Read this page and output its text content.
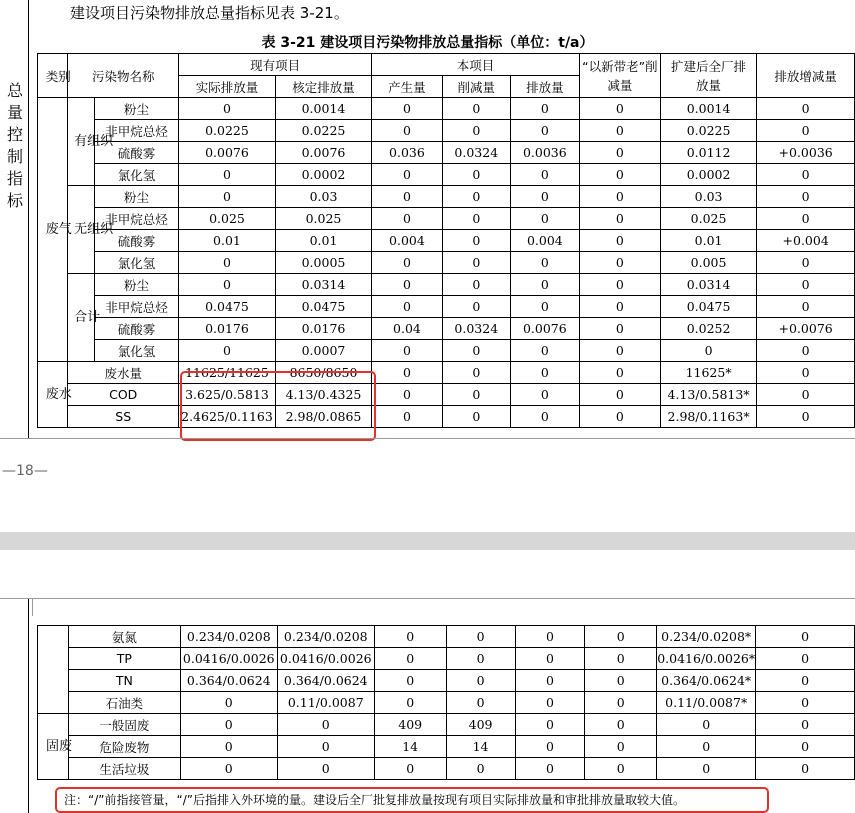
总量控制指标
建设项目污染物排放总量指标见表 3-21。
表 3-21 建设项目污染物排放总量指标（单位：t/a）
类别	污染物名称		现有项目		本项目			“以新带老”削减量	扩建后全厂排放量	排放增减量
			实际排放量	核定排放量	产生量	削减量	排放量			

废气	有组织	粉尘	0	0.0014	0	0	0	0	0.0014	0
		非甲烷总烃	0.0225	0.0225	0	0	0	0	0.0225	0
		硫酸雾	0.0076	0.0076	0.036	0.0324	0.0036	0	0.0112	+0.0036
		氯化氢	0	0.0002	0	0	0	0	0.0002	0

	无组织	粉尘	0	0.03	0	0	0	0	0.03	0
		非甲烷总烃	0.025	0.025	0	0	0	0	0.025	0
		硫酸雾	0.01	0.01	0.004	0	0.004	0	0.01	+0.004
		氯化氢	0	0.0005	0	0	0	0	0.005	0

	合计	粉尘	0	0.0314	0	0	0	0	0.0314	0
		非甲烷总烃	0.0475	0.0475	0	0	0	0	0.0475	0
		硫酸雾	0.0176	0.0176	0.04	0.0324	0.0076	0	0.0252	+0.0076
		氯化氢	0	0.0007	0	0	0	0	0	0

废水	废水量		11625/11625	8650/8650	0	0	0	0	11625*	0
	COD		3.625/0.5813	4.13/0.4325	0	0	0	0	4.13/0.5813*	0
	SS		2.4625/0.1163	2.98/0.0865	0	0	0	0	2.98/0.1163*	0
—18—
	氨氮	0.234/0.0208	0.234/0.0208	0	0	0	0	0.234/0.0208*	0
	TP	0.0416/0.0026	0.0416/0.0026	0	0	0	0	0.0416/0.0026*	0
	TN	0.364/0.0624	0.364/0.0624	0	0	0	0	0.364/0.0624*	0
	石油类	0	0.11/0.0087	0	0	0	0	0.11/0.0087*	0

固废	一般固废	0	0	409	409	0	0	0	0
	危险废物	0	0	14	14	0	0	0	0
	生活垃圾	0	0	0	0	0	0	0	0
注：“/”前指接管量，“/”后指排入外环境的量。建设后全厂批复排放量按现有项目实际排放量和审批排放量取较大值。
